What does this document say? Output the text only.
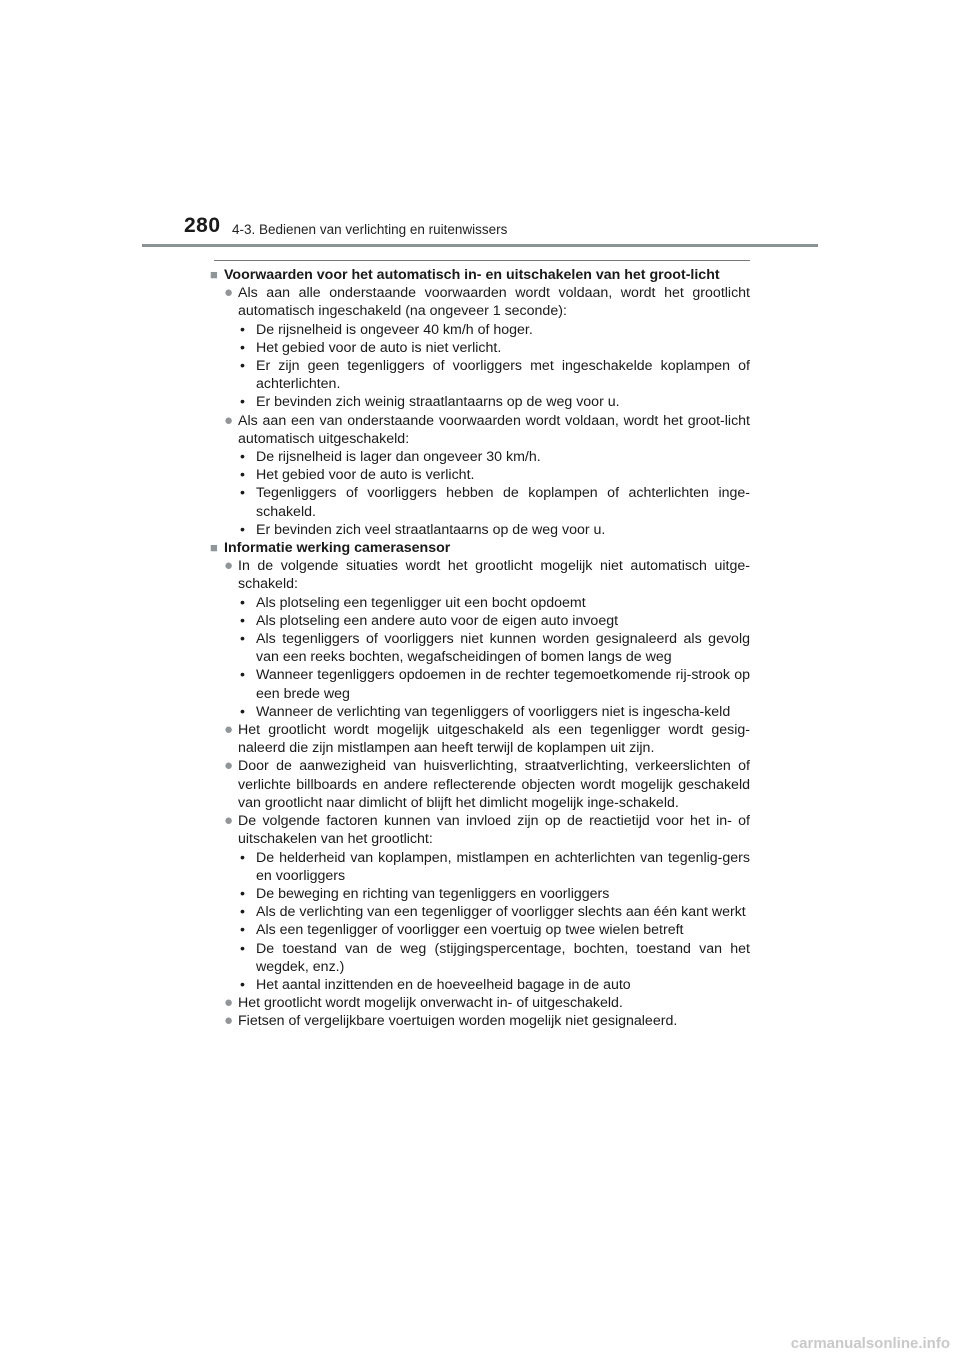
280 4-3. Bedienen van verlichting en ruitenwissers
■ Voorwaarden voor het automatisch in- en uitschakelen van het groot-licht
● Als aan alle onderstaande voorwaarden wordt voldaan, wordt het grootlicht automatisch ingeschakeld (na ongeveer 1 seconde):
• De rijsnelheid is ongeveer 40 km/h of hoger.
• Het gebied voor de auto is niet verlicht.
• Er zijn geen tegenliggers of voorliggers met ingeschakelde koplampen of achterlichten.
• Er bevinden zich weinig straatlantaarns op de weg voor u.
● Als aan een van onderstaande voorwaarden wordt voldaan, wordt het groot-licht automatisch uitgeschakeld:
• De rijsnelheid is lager dan ongeveer 30 km/h.
• Het gebied voor de auto is verlicht.
• Tegenliggers of voorliggers hebben de koplampen of achterlichten inge-schakeld.
• Er bevinden zich veel straatlantaarns op de weg voor u.
■ Informatie werking camerasensor
● In de volgende situaties wordt het grootlicht mogelijk niet automatisch uitge-schakeld:
• Als plotseling een tegenligger uit een bocht opdoemt
• Als plotseling een andere auto voor de eigen auto invoegt
• Als tegenliggers of voorliggers niet kunnen worden gesignaleerd als gevolg van een reeks bochten, wegafscheidingen of bomen langs de weg
• Wanneer tegenliggers opdoemen in de rechter tegemoetkomende rij-strook op een brede weg
• Wanneer de verlichting van tegenliggers of voorliggers niet is ingescha-keld
● Het grootlicht wordt mogelijk uitgeschakeld als een tegenligger wordt gesig-naleerd die zijn mistlampen aan heeft terwijl de koplampen uit zijn.
● Door de aanwezigheid van huisverlichting, straatverlichting, verkeerslichten of verlichte billboards en andere reflecterende objecten wordt mogelijk geschakeld van grootlicht naar dimlicht of blijft het dimlicht mogelijk inge-schakeld.
● De volgende factoren kunnen van invloed zijn op de reactietijd voor het in- of uitschakelen van het grootlicht:
• De helderheid van koplampen, mistlampen en achterlichten van tegenlig-gers en voorliggers
• De beweging en richting van tegenliggers en voorliggers
• Als de verlichting van een tegenligger of voorligger slechts aan één kant werkt
• Als een tegenligger of voorligger een voertuig op twee wielen betreft
• De toestand van de weg (stijgingspercentage, bochten, toestand van het wegdek, enz.)
• Het aantal inzittenden en de hoeveelheid bagage in de auto
● Het grootlicht wordt mogelijk onverwacht in- of uitgeschakeld.
● Fietsen of vergelijkbare voertuigen worden mogelijk niet gesignaleerd.
carmanualsonline.info
